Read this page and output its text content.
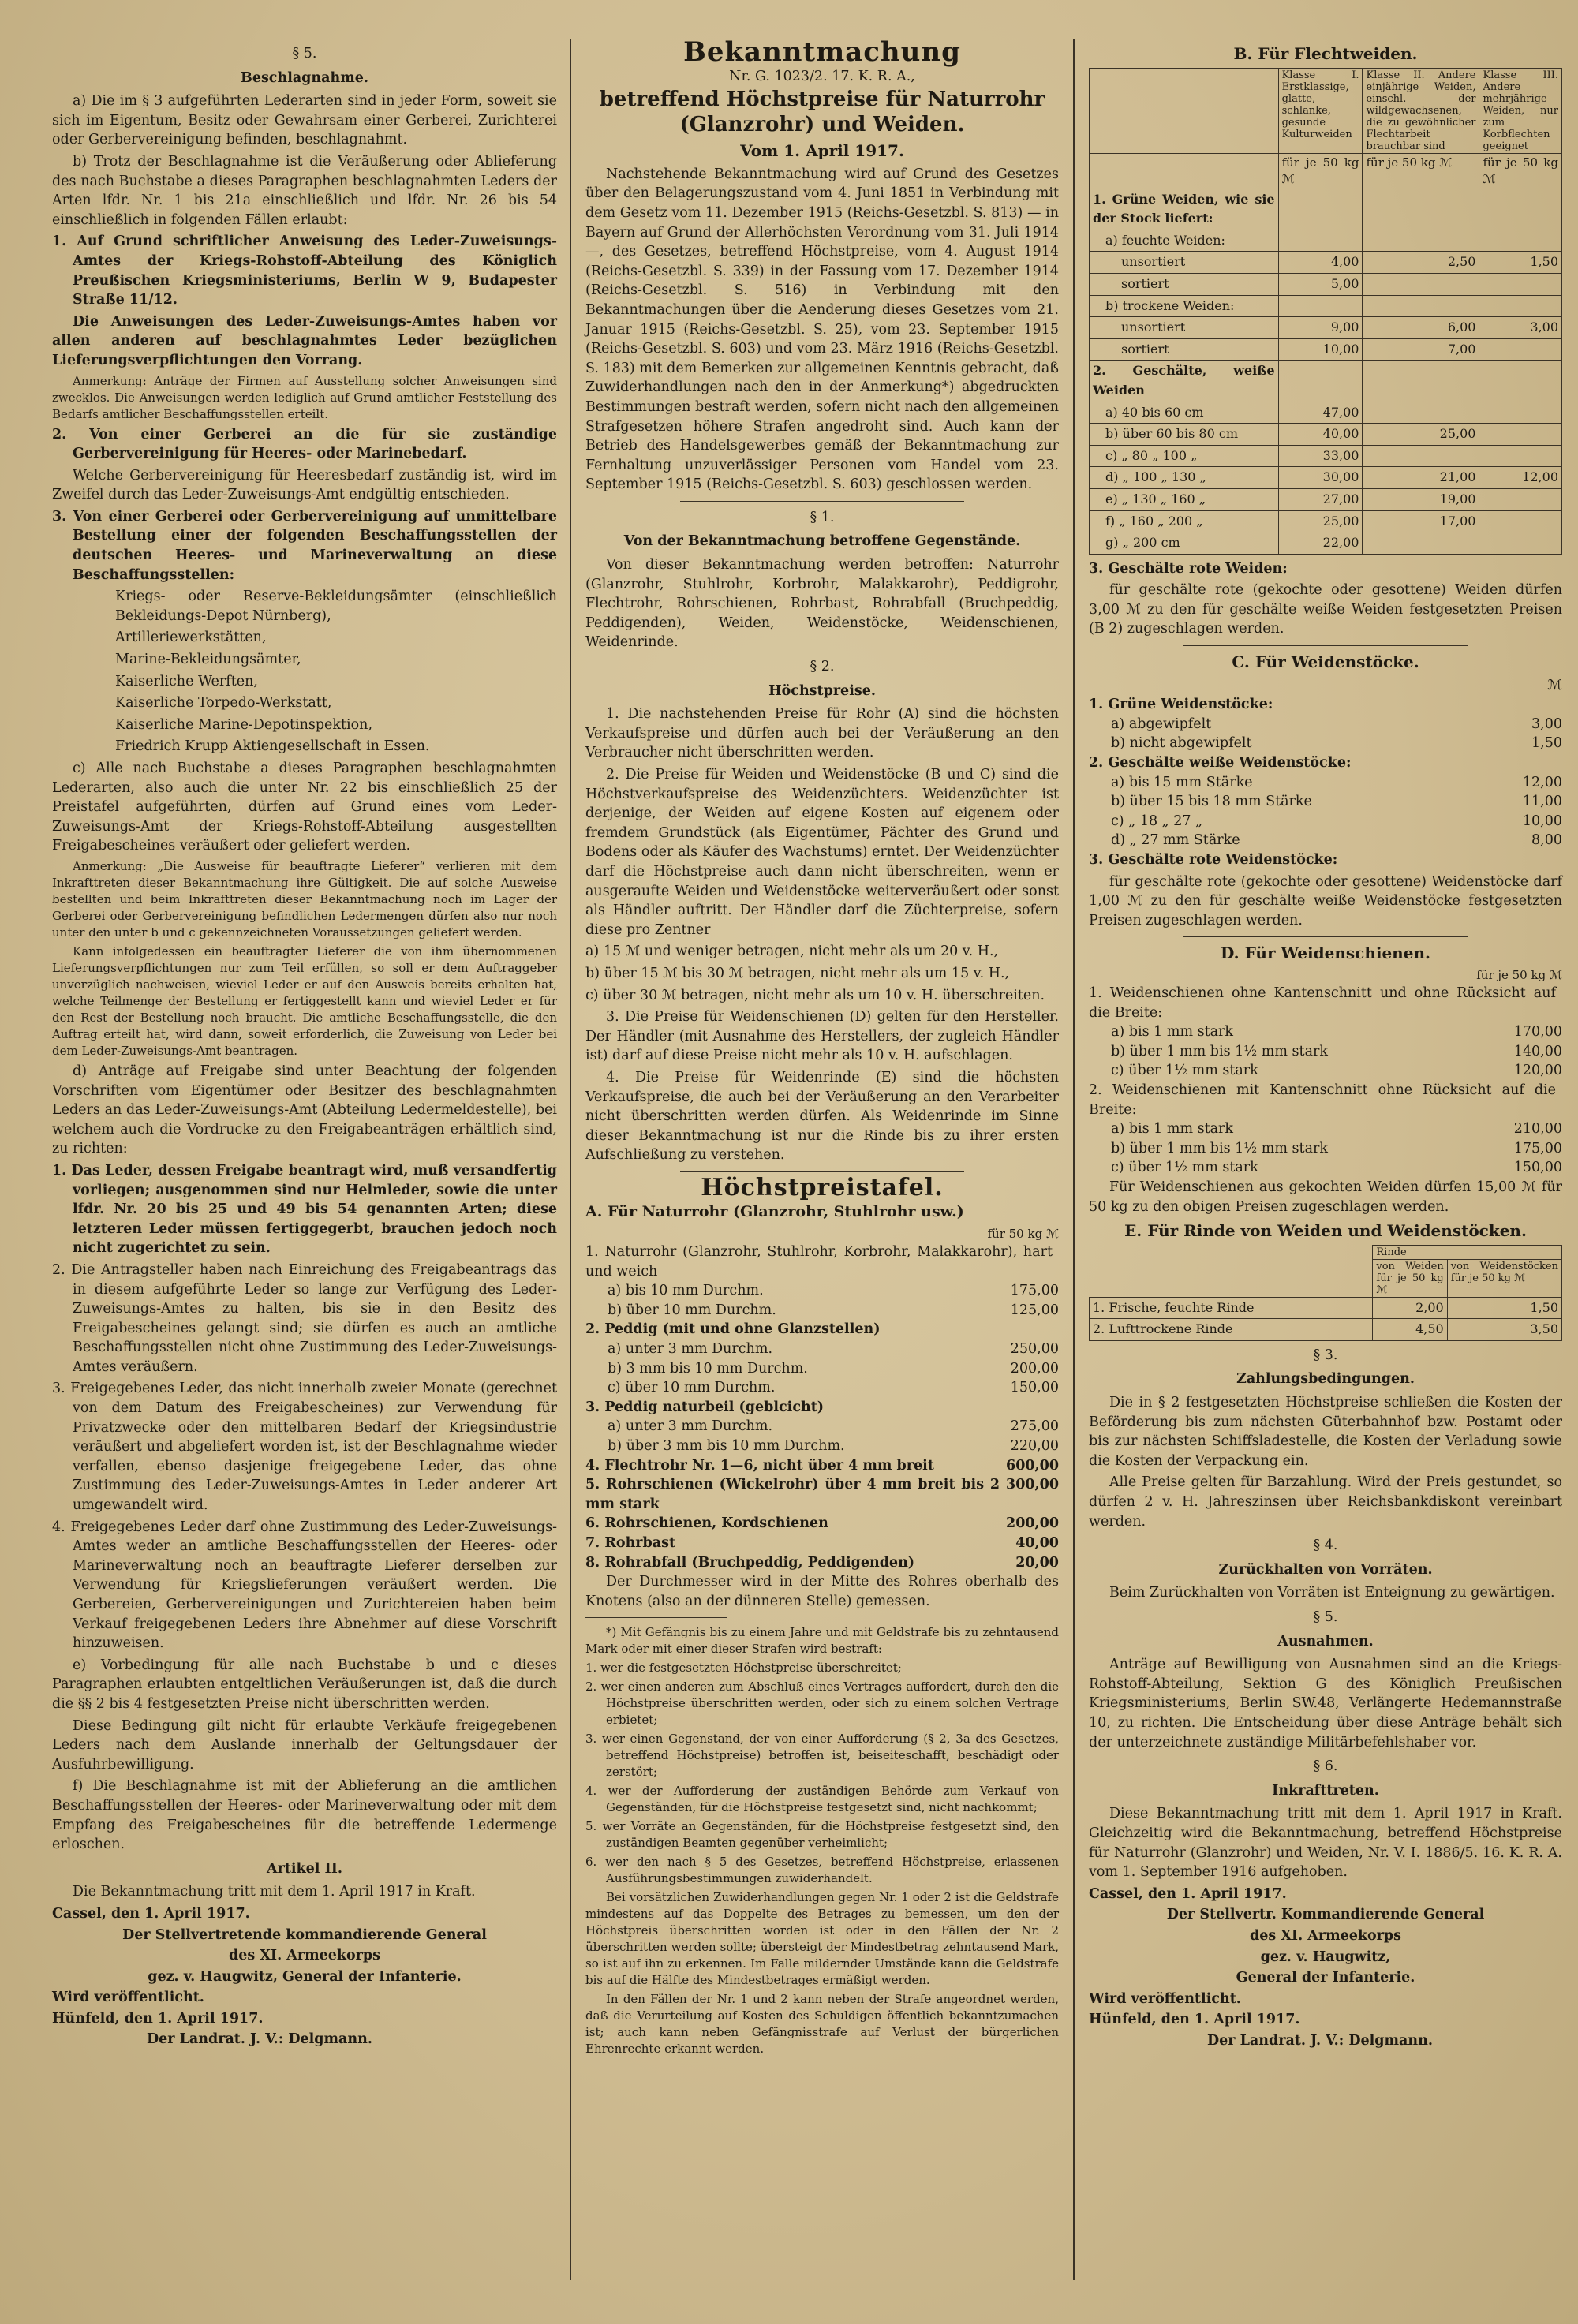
§ 5.

Beschlagnahme.

a) Die im § 3 aufgeführten Lederarten sind in jeder Form, soweit sie sich im Eigentum, Besitz oder Gewahrsam einer Gerberei, Zurichterei oder Gerbervereinigung befinden, beschlagnahmt.

b) Trotz der Beschlagnahme ist die Veräußerung oder Ablieferung des nach Buchstabe a dieses Paragraphen beschlagnahmten Leders der Arten lfdr. Nr. 1 bis 21a einschließlich und lfdr. Nr. 26 bis 54 einschließlich in folgenden Fällen erlaubt:

1. Auf Grund schriftlicher Anweisung des Leder-Zuweisungs-Amtes der Kriegs-Rohstoff-Abteilung des Königlich Preußischen Kriegsministeriums, Berlin W 9, Budapester Straße 11/12.

Die Anweisungen des Leder-Zuweisungs-Amtes haben vor allen anderen auf beschlagnahmtes Leder bezüglichen Lieferungsverpflichtungen den Vorrang.

Anmerkung: Anträge der Firmen auf Ausstellung solcher Anweisungen sind zwecklos. Die Anweisungen werden lediglich auf Grund amtlicher Feststellung des Bedarfs amtlicher Beschaffungsstellen erteilt.

2. Von einer Gerberei an die für sie zuständige Gerbervereinigung für Heeres- oder Marinebedarf.

Welche Gerbervereinigung für Heeresbedarf zuständig ist, wird im Zweifel durch das Leder-Zuweisungs-Amt endgültig entschieden.

3. Von einer Gerberei oder Gerbervereinigung auf unmittelbare Bestellung einer der folgenden Beschaffungsstellen der deutschen Heeres- und Marineverwaltung an diese Beschaffungsstellen:

Kriegs- oder Reserve-Bekleidungsämter (einschließlich Bekleidungs-Depot Nürnberg),

Artilleriewerkstätten,

Marine-Bekleidungsämter,

Kaiserliche Werften,

Kaiserliche Torpedo-Werkstatt,

Kaiserliche Marine-Depotinspektion,

Friedrich Krupp Aktiengesellschaft in Essen.

c) Alle nach Buchstabe a dieses Paragraphen beschlagnahmten Lederarten, also auch die unter Nr. 22 bis einschließlich 25 der Preistafel aufgeführten, dürfen auf Grund eines vom Leder-Zuweisungs-Amt der Kriegs-Rohstoff-Abteilung ausgestellten Freigabescheines veräußert oder geliefert werden.

Anmerkung: „Die Ausweise für beauftragte Lieferer“ verlieren mit dem Inkrafttreten dieser Bekanntmachung ihre Gültigkeit. Die auf solche Ausweise bestellten und beim Inkrafttreten dieser Bekanntmachung noch im Lager der Gerberei oder Gerbervereinigung befindlichen Ledermengen dürfen also nur noch unter den unter b und c gekennzeichneten Voraussetzungen geliefert werden.

Kann infolgedessen ein beauftragter Lieferer die von ihm übernommenen Lieferungsverpflichtungen nur zum Teil erfüllen, so soll er dem Auftraggeber unverzüglich nachweisen, wieviel Leder er auf den Ausweis bereits erhalten hat, welche Teilmenge der Bestellung er fertiggestellt kann und wieviel Leder er für den Rest der Bestellung noch braucht. Die amtliche Beschaffungsstelle, die den Auftrag erteilt hat, wird dann, soweit erforderlich, die Zuweisung von Leder bei dem Leder-Zuweisungs-Amt beantragen.

d) Anträge auf Freigabe sind unter Beachtung der folgenden Vorschriften vom Eigentümer oder Besitzer des beschlagnahmten Leders an das Leder-Zuweisungs-Amt (Abteilung Ledermeldestelle), bei welchem auch die Vordrucke zu den Freigabeanträgen erhältlich sind, zu richten:

1. Das Leder, dessen Freigabe beantragt wird, muß versandfertig vorliegen; ausgenommen sind nur Helmleder, sowie die unter lfdr. Nr. 20 bis 25 und 49 bis 54 genannten Arten; diese letzteren Leder müssen fertiggegerbt, brauchen jedoch noch nicht zugerichtet zu sein.

2. Die Antragsteller haben nach Einreichung des Freigabeantrags das in diesem aufgeführte Leder so lange zur Verfügung des Leder-Zuweisungs-Amtes zu halten, bis sie in den Besitz des Freigabescheines gelangt sind; sie dürfen es auch an amtliche Beschaffungsstellen nicht ohne Zustimmung des Leder-Zuweisungs-Amtes veräußern.

3. Freigegebenes Leder, das nicht innerhalb zweier Monate (gerechnet von dem Datum des Freigabescheines) zur Verwendung für Privatzwecke oder den mittelbaren Bedarf der Kriegsindustrie veräußert und abgeliefert worden ist, ist der Beschlagnahme wieder verfallen, ebenso dasjenige freigegebene Leder, das ohne Zustimmung des Leder-Zuweisungs-Amtes in Leder anderer Art umgewandelt wird.

4. Freigegebenes Leder darf ohne Zustimmung des Leder-Zuweisungs-Amtes weder an amtliche Beschaffungsstellen der Heeres- oder Marineverwaltung noch an beauftragte Lieferer derselben zur Verwendung für Kriegslieferungen veräußert werden. Die Gerbereien, Gerbervereinigungen und Zurichtereien haben beim Verkauf freigegebenen Leders ihre Abnehmer auf diese Vorschrift hinzuweisen.

e) Vorbedingung für alle nach Buchstabe b und c dieses Paragraphen erlaubten entgeltlichen Veräußerungen ist, daß die durch die §§ 2 bis 4 festgesetzten Preise nicht überschritten werden.

Diese Bedingung gilt nicht für erlaubte Verkäufe freigegebenen Leders nach dem Auslande innerhalb der Geltungsdauer der Ausfuhrbewilligung.

f) Die Beschlagnahme ist mit der Ablieferung an die amtlichen Beschaffungsstellen der Heeres- oder Marineverwaltung oder mit dem Empfang des Freigabescheines für die betreffende Ledermenge erloschen.

Artikel II.

Die Bekanntmachung tritt mit dem 1. April 1917 in Kraft.

Cassel, den 1. April 1917.

Der Stellvertretende kommandierende General

des XI. Armeekorps

gez. v. Haugwitz, General der Infanterie.

Wird veröffentlicht.

Hünfeld, den 1. April 1917.

Der Landrat. J. V.: Delgmann.

Bekanntmachung

Nr. G. 1023/2. 17. K. R. A.,

betreffend Höchstpreise für Naturrohr

(Glanzrohr) und Weiden.

Vom 1. April 1917.

Nachstehende Bekanntmachung wird auf Grund des Gesetzes über den Belagerungszustand vom 4. Juni 1851 in Verbindung mit dem Gesetz vom 11. Dezember 1915 (Reichs-Gesetzbl. S. 813) — in Bayern auf Grund der Allerhöchsten Verordnung vom 31. Juli 1914 —, des Gesetzes, betreffend Höchstpreise, vom 4. August 1914 (Reichs-Gesetzbl. S. 339) in der Fassung vom 17. Dezember 1914 (Reichs-Gesetzbl. S. 516) in Verbindung mit den Bekanntmachungen über die Aenderung dieses Gesetzes vom 21. Januar 1915 (Reichs-Gesetzbl. S. 25), vom 23. September 1915 (Reichs-Gesetzbl. S. 603) und vom 23. März 1916 (Reichs-Gesetzbl. S. 183) mit dem Bemerken zur allgemeinen Kenntnis gebracht, daß Zuwiderhandlungen nach den in der Anmerkung*) abgedruckten Bestimmungen bestraft werden, sofern nicht nach den allgemeinen Strafgesetzen höhere Strafen angedroht sind. Auch kann der Betrieb des Handelsgewerbes gemäß der Bekanntmachung zur Fernhaltung unzuverlässiger Personen vom Handel vom 23. September 1915 (Reichs-Gesetzbl. S. 603) geschlossen werden.

§ 1.

Von der Bekanntmachung betroffene Gegenstände.

Von dieser Bekanntmachung werden betroffen: Naturrohr (Glanzrohr, Stuhlrohr, Korbrohr, Malakkarohr), Peddigrohr, Flechtrohr, Rohrschienen, Rohrbast, Rohrabfall (Bruchpeddig, Peddigenden), Weiden, Weidenstöcke, Weidenschienen, Weidenrinde.

§ 2.

Höchstpreise.

1. Die nachstehenden Preise für Rohr (A) sind die höchsten Verkaufspreise und dürfen auch bei der Veräußerung an den Verbraucher nicht überschritten werden.

2. Die Preise für Weiden und Weidenstöcke (B und C) sind die Höchstverkaufspreise des Weidenzüchters. Weidenzüchter ist derjenige, der Weiden auf eigene Kosten auf eigenem oder fremdem Grundstück (als Eigentümer, Pächter des Grund und Bodens oder als Käufer des Wachstums) erntet. Der Weidenzüchter darf die Höchstpreise auch dann nicht überschreiten, wenn er ausgeraufte Weiden und Weidenstöcke weiterveräußert oder sonst als Händler auftritt. Der Händler darf die Züchterpreise, sofern diese pro Zentner

a) 15 ℳ und weniger betragen, nicht mehr als um 20 v. H.,

b) über 15 ℳ bis 30 ℳ betragen, nicht mehr als um 15 v. H.,

c) über 30 ℳ betragen, nicht mehr als um 10 v. H. überschreiten.

3. Die Preise für Weidenschienen (D) gelten für den Hersteller. Der Händler (mit Ausnahme des Herstellers, der zugleich Händler ist) darf auf diese Preise nicht mehr als 10 v. H. aufschlagen.

4. Die Preise für Weidenrinde (E) sind die höchsten Verkaufspreise, die auch bei der Veräußerung an den Verarbeiter nicht überschritten werden dürfen. Als Weidenrinde im Sinne dieser Bekanntmachung ist nur die Rinde bis zu ihrer ersten Aufschließung zu verstehen.

Höchstpreistafel.

A. Für Naturrohr (Glanzrohr, Stuhlrohr usw.)

für 50 kg ℳ
1. Naturrohr (Glanzrohr, Stuhlrohr, Korbrohr, Malakkarohr), hart und weich
a) bis 10 mm Durchm.	175,00
b) über 10 mm Durchm.	125,00
2. Peddig (mit und ohne Glanzstellen)
a) unter 3 mm Durchm.	250,00
b) 3 mm bis 10 mm Durchm.	200,00
c) über 10 mm Durchm.	150,00
3. Peddig naturbeil (geblcicht)
a) unter 3 mm Durchm.	275,00
b) über 3 mm bis 10 mm Durchm.	220,00
4. Flechtrohr Nr. 1—6, nicht über 4 mm breit	600,00
5. Rohrschienen (Wickelrohr) über 4 mm breit bis 2 mm stark
300,00
6. Rohrschienen, Kordschienen	200,00
7. Rohrbast	40,00
8. Rohrabfall (Bruchpeddig, Peddigenden)	20,00

Der Durchmesser wird in der Mitte des Rohres oberhalb des Knotens (also an der dünneren Stelle) gemessen.

*) Mit Gefängnis bis zu einem Jahre und mit Geldstrafe bis zu zehntausend Mark oder mit einer dieser Strafen wird bestraft:

1. wer die festgesetzten Höchstpreise überschreitet;

2. wer einen anderen zum Abschluß eines Vertrages auffordert, durch den die Höchstpreise überschritten werden, oder sich zu einem solchen Vertrage erbietet;

3. wer einen Gegenstand, der von einer Aufforderung (§ 2, 3a des Gesetzes, betreffend Höchstpreise) betroffen ist, beiseiteschafft, beschädigt oder zerstört;

4. wer der Aufforderung der zuständigen Behörde zum Verkauf von Gegenständen, für die Höchstpreise festgesetzt sind, nicht nachkommt;

5. wer Vorräte an Gegenständen, für die Höchstpreise festgesetzt sind, den zuständigen Beamten gegenüber verheimlicht;

6. wer den nach § 5 des Gesetzes, betreffend Höchstpreise, erlassenen Ausführungsbestimmungen zuwiderhandelt.

Bei vorsätzlichen Zuwiderhandlungen gegen Nr. 1 oder 2 ist die Geldstrafe mindestens auf das Doppelte des Betrages zu bemessen, um den der Höchstpreis überschritten worden ist oder in den Fällen der Nr. 2 überschritten werden sollte; übersteigt der Mindestbetrag zehntausend Mark, so ist auf ihn zu erkennen. Im Falle mildernder Umstände kann die Geldstrafe bis auf die Hälfte des Mindestbetrages ermäßigt werden.

In den Fällen der Nr. 1 und 2 kann neben der Strafe angeordnet werden, daß die Verurteilung auf Kosten des Schuldigen öffentlich bekanntzumachen ist; auch kann neben Gefängnisstrafe auf Verlust der bürgerlichen Ehrenrechte erkannt werden.

B. Für Flechtweiden.

	Klasse I. Erstklassige, glatte, schlanke, gesunde Kulturweiden	Klasse II. Andere einjährige Weiden, einschl. der wildgewachsenen, die zu gewöhnlicher Flechtarbeit brauchbar sind	Klasse III. Andere mehrjährige Weiden, nur zum Korbflechten geeignet
	für je 50 kg ℳ	für je 50 kg ℳ	für je 50 kg ℳ
1. Grüne Weiden, wie sie der Stock liefert:			
a) feuchte Weiden:			
unsortiert	4,00	2,50	1,50
sortiert	5,00		
b) trockene Weiden:			
unsortiert	9,00	6,00	3,00
sortiert	10,00	7,00	
2. Geschälte, weiße Weiden			
a) 40 bis 60 cm	47,00		
b) über 60 bis 80 cm	40,00	25,00	
c) „ 80 „ 100 „	33,00		
d) „ 100 „ 130 „	30,00	21,00	12,00
e) „ 130 „ 160 „	27,00	19,00	
f) „ 160 „ 200 „	25,00	17,00	
g) „ 200 cm	22,00		

3. Geschälte rote Weiden:

für geschälte rote (gekochte oder gesottene) Weiden dürfen 3,00 ℳ zu den für geschälte weiße Weiden festgesetzten Preisen (B 2) zugeschlagen werden.

C. Für Weidenstöcke.

ℳ
1. Grüne Weidenstöcke:
a) abgewipfelt	3,00
b) nicht abgewipfelt	1,50
2. Geschälte weiße Weidenstöcke:
a) bis 15 mm Stärke	12,00
b) über 15 bis 18 mm Stärke	11,00
c) „ 18 „ 27 „	10,00
d) „ 27 mm Stärke	8,00

3. Geschälte rote Weidenstöcke:

für geschälte rote (gekochte oder gesottene) Weidenstöcke darf 1,00 ℳ zu den für geschälte weiße Weidenstöcke festgesetzten Preisen zugeschlagen werden.

D. Für Weidenschienen.

für je 50 kg ℳ
1. Weidenschienen ohne Kantenschnitt und ohne Rücksicht auf die Breite:
a) bis 1 mm stark	170,00
b) über 1 mm bis 1½ mm stark	140,00
c) über 1½ mm stark	120,00
2. Weidenschienen mit Kantenschnitt ohne Rücksicht auf die Breite:
a) bis 1 mm stark	210,00
b) über 1 mm bis 1½ mm stark	175,00
c) über 1½ mm stark	150,00

Für Weidenschienen aus gekochten Weiden dürfen 15,00 ℳ für 50 kg zu den obigen Preisen zugeschlagen werden.

E. Für Rinde von Weiden und Weidenstöcken.

	Rinde	
	von Weiden für je 50 kg ℳ	von Weidenstöcken für je 50 kg ℳ
1. Frische, feuchte Rinde	2,00	1,50
2. Lufttrockene Rinde	4,50	3,50

§ 3.

Zahlungsbedingungen.

Die in § 2 festgesetzten Höchstpreise schließen die Kosten der Beförderung bis zum nächsten Güterbahnhof bzw. Postamt oder bis zur nächsten Schiffsladestelle, die Kosten der Verladung sowie die Kosten der Verpackung ein.

Alle Preise gelten für Barzahlung. Wird der Preis gestundet, so dürfen 2 v. H. Jahreszinsen über Reichsbankdiskont vereinbart werden.

§ 4.

Zurückhalten von Vorräten.

Beim Zurückhalten von Vorräten ist Enteignung zu gewärtigen.

§ 5.

Ausnahmen.

Anträge auf Bewilligung von Ausnahmen sind an die Kriegs-Rohstoff-Abteilung, Sektion G des Königlich Preußischen Kriegsministeriums, Berlin SW.48, Verlängerte Hedemannstraße 10, zu richten. Die Entscheidung über diese Anträge behält sich der unterzeichnete zuständige Militärbefehlshaber vor.

§ 6.

Inkrafttreten.

Diese Bekanntmachung tritt mit dem 1. April 1917 in Kraft. Gleichzeitig wird die Bekanntmachung, betreffend Höchstpreise für Naturrohr (Glanzrohr) und Weiden, Nr. V. I. 1886/5. 16. K. R. A. vom 1. September 1916 aufgehoben.

Cassel, den 1. April 1917.

Der Stellvertr. Kommandierende General

des XI. Armeekorps

gez. v. Haugwitz,

General der Infanterie.

Wird veröffentlicht.

Hünfeld, den 1. April 1917.

Der Landrat. J. V.: Delgmann.
